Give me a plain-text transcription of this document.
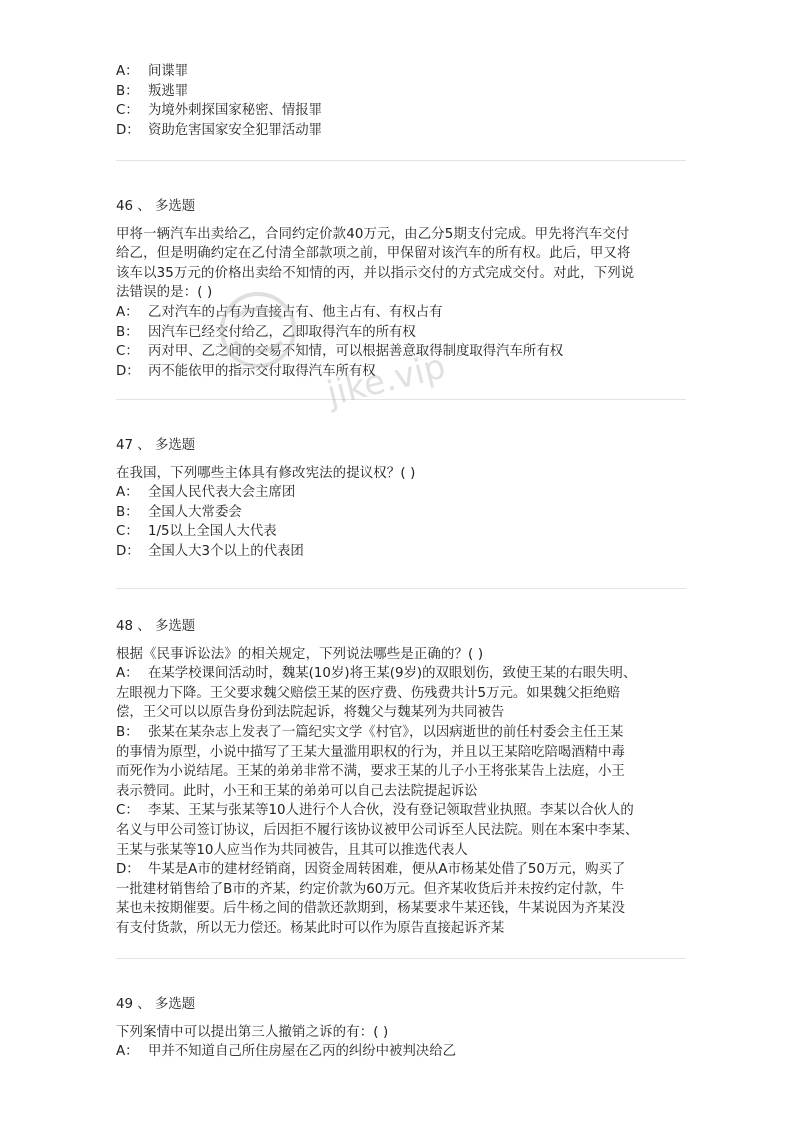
A： 间谍罪
B： 叛逃罪
C： 为境外刺探国家秘密、情报罪
D： 资助危害国家安全犯罪活动罪
46 、 多选题
甲将一辆汽车出卖给乙，合同约定价款40万元，由乙分5期支付完成。甲先将汽车交付
给乙，但是明确约定在乙付清全部款项之前，甲保留对该汽车的所有权。此后，甲又将
该车以35万元的价格出卖给不知情的丙，并以指示交付的方式完成交付。对此，下列说
法错误的是：( )
A： 乙对汽车的占有为直接占有、他主占有、有权占有
B： 因汽车已经交付给乙，乙即取得汽车的所有权
C： 丙对甲、乙之间的交易不知情，可以根据善意取得制度取得汽车所有权
D： 丙不能依甲的指示交付取得汽车所有权
47 、 多选题
在我国，下列哪些主体具有修改宪法的提议权？( )
A： 全国人民代表大会主席团
B： 全国人大常委会
C： 1/5以上全国人大代表
D： 全国人大3个以上的代表团
48 、 多选题
根据《民事诉讼法》的相关规定，下列说法哪些是正确的？( )
A： 在某学校课间活动时，魏某(10岁)将王某(9岁)的双眼划伤，致使王某的右眼失明、
左眼视力下降。王父要求魏父赔偿王某的医疗费、伤残费共计5万元。如果魏父拒绝赔
偿，王父可以以原告身份到法院起诉，将魏父与魏某列为共同被告
B： 张某在某杂志上发表了一篇纪实文学《村官》，以因病逝世的前任村委会主任王某
的事情为原型，小说中描写了王某大量滥用职权的行为，并且以王某陪吃陪喝酒精中毒
而死作为小说结尾。王某的弟弟非常不满，要求王某的儿子小王将张某告上法庭，小王
表示赞同。此时，小王和王某的弟弟可以自己去法院提起诉讼
C： 李某、王某与张某等10人进行个人合伙，没有登记领取营业执照。李某以合伙人的
名义与甲公司签订协议，后因拒不履行该协议被甲公司诉至人民法院。则在本案中李某、
王某与张某等10人应当作为共同被告，且其可以推选代表人
D： 牛某是A市的建材经销商，因资金周转困难，便从A市杨某处借了50万元，购买了
一批建材销售给了B市的齐某，约定价款为60万元。但齐某收货后并未按约定付款，牛
某也未按期催要。后牛杨之间的借款还款期到，杨某要求牛某还钱，牛某说因为齐某没
有支付货款，所以无力偿还。杨某此时可以作为原告直接起诉齐某
49 、 多选题
下列案情中可以提出第三人撤销之诉的有：( )
A： 甲并不知道自己所住房屋在乙丙的纠纷中被判决给乙
jike.vip
